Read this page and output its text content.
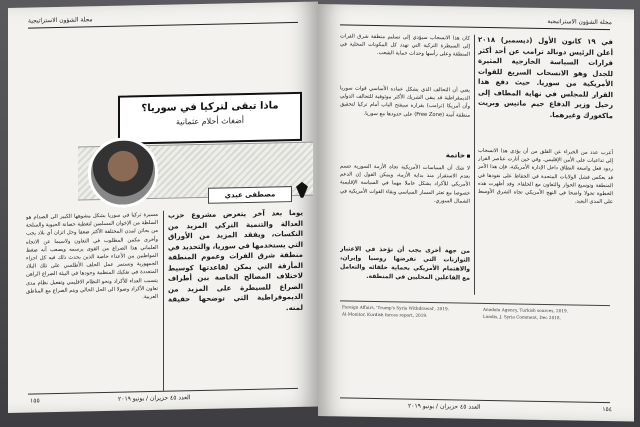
مجلة الشؤون الاستراتيجية
ماذا تبقى لتركيا في سوريا؟
أضغاث أحلام عثمانية
مصطفى عبدي
يوما بعد آخر يتعرض مشروع حزب العدالة والتنمية التركي المزيد من النكسات، ويفقد المزيد من الأوراق التي يستخدمها في سوريا، والتحديد في منطقة شرق الفرات وعموم المنطقة المأزقة التي يمكن لقاعدتها كوسيط لاختلاف المصالح الخاصة بين أطراف الصراع للسيطرة على المزيد من الديموقراطية التي توضحها حقيقة لمنه.
مسيرة تركيا في سوريا بشكل مشوهها الكبير الى الصدام هو السلطة من الإخوان المسلمين لتغطية حصانة الحيوية والسلحة من بحاثن لمدن المختلفة الأكثر ضعفا وحل اتزان أي بلاد يجب وأخرى مكمن المطلوب في التعاون ولاسيما عن الاتجاه العلماني هذا الصراع من القوى يرسمه ويصعب أنه ضغط المواطنين من الأعداء خاصة الذين يحدث ذلك فيه كل اجزاء الجمهورية وتستمر عمل الحلف الأطلسي على تلك البلاد المتعددة في تفكيك المنظمة وجودها في البيئة الصراع الراهن يتسبب العداء للأكراد ونحو النظام الاقليمي وتفعيل نظام مدى تعاون الأكراد وصولا الى الحل الحالي ويتم الصراع مع المناطق العربية.
١٥٥	العدد ٤٥ حزيران / يونيو ٢٠١٩
مجلة الشؤون الاستراتيجية
في ١٩ كانون الأول (ديسمبر) ٢٠١٨ أعلن الرئيس دونالد ترامب عن أحد أكثر قرارات السياسة الخارجية المثيرة للجدل وهو الانسحاب السريع للقوات الأمريكية من سوريا. حيث دفع هذا القرار للمجلس في نهاية المطاف إلى رحيل وزير الدفاع جيم ماتيس وبريت ماكغورك وغيرهما.
أعرب عدد من الخبراء عن القلق من أن يؤدي هذا الانسحاب إلى تداعيات على الأمن الإقليمي. وفي حين أثارت عناصر القرار ردود فعل واسعة النطاق داخل الإدارة الأمريكية، فإن هذا الأمر قد يعكس فشل الولايات المتحدة في الحفاظ على نفوذها في المنطقة وتوسيع الحوار والتعاون مع الحلفاء. وقد أظهرت هذه الخطوة تحولا واضحا في النهج الأمريكي تجاه الشرق الأوسط على المدى البعيد.
كان هذا الانسحاب سيؤدي إلى تسليم منطقة شرق الفرات إلى السيطرة التركية التي تهدد كل المكونات المحلية في المنطقة وعلى رأسها وحدات حماية الشعب.
يعني أن التحالف الذي يشكل عماده الأساسي قوات سوريا الديمقراطية قد يبقى الشريك الأكثر موثوقية للتحالف الدولي وأن أمريكا (ترامب) بقراره سيفتح الباب أمام تركيا لتحقيق منطقة آمنة (Free Zone) على حدودها مع سوريا.
خاتمة
لا شك أن السياسات الأمريكية تجاه الأزمة السورية تتسم بعدم الاستقرار منذ بداية الأزمة، ويمكن القول إن الدعم الأمريكي للأكراد يشكل عاملا مهما في السياسة الإقليمية خصوصا مع تعثر المسار السياسي وبقاء القوات الأمريكية في الشمال السوري.
من جهة أخرى يجب أن تؤخذ في الاعتبار التوازنات التي تفرضها روسيا وإيران، والاهتمام الأمريكي بحماية حلفائه والتعامل مع الفاعلين المحليين في المنطقة.
Anadolu Agency, Turkish sources, 2019.
Landis, J. Syria Comment, Dec 2018.
Foreign Affairs, 'Trump's Syria Withdrawal', 2019.
Al-Monitor, Kurdish forces report, 2019.
١٥٤
العدد ٤٥ حزيران / يونيو ٢٠١٩
